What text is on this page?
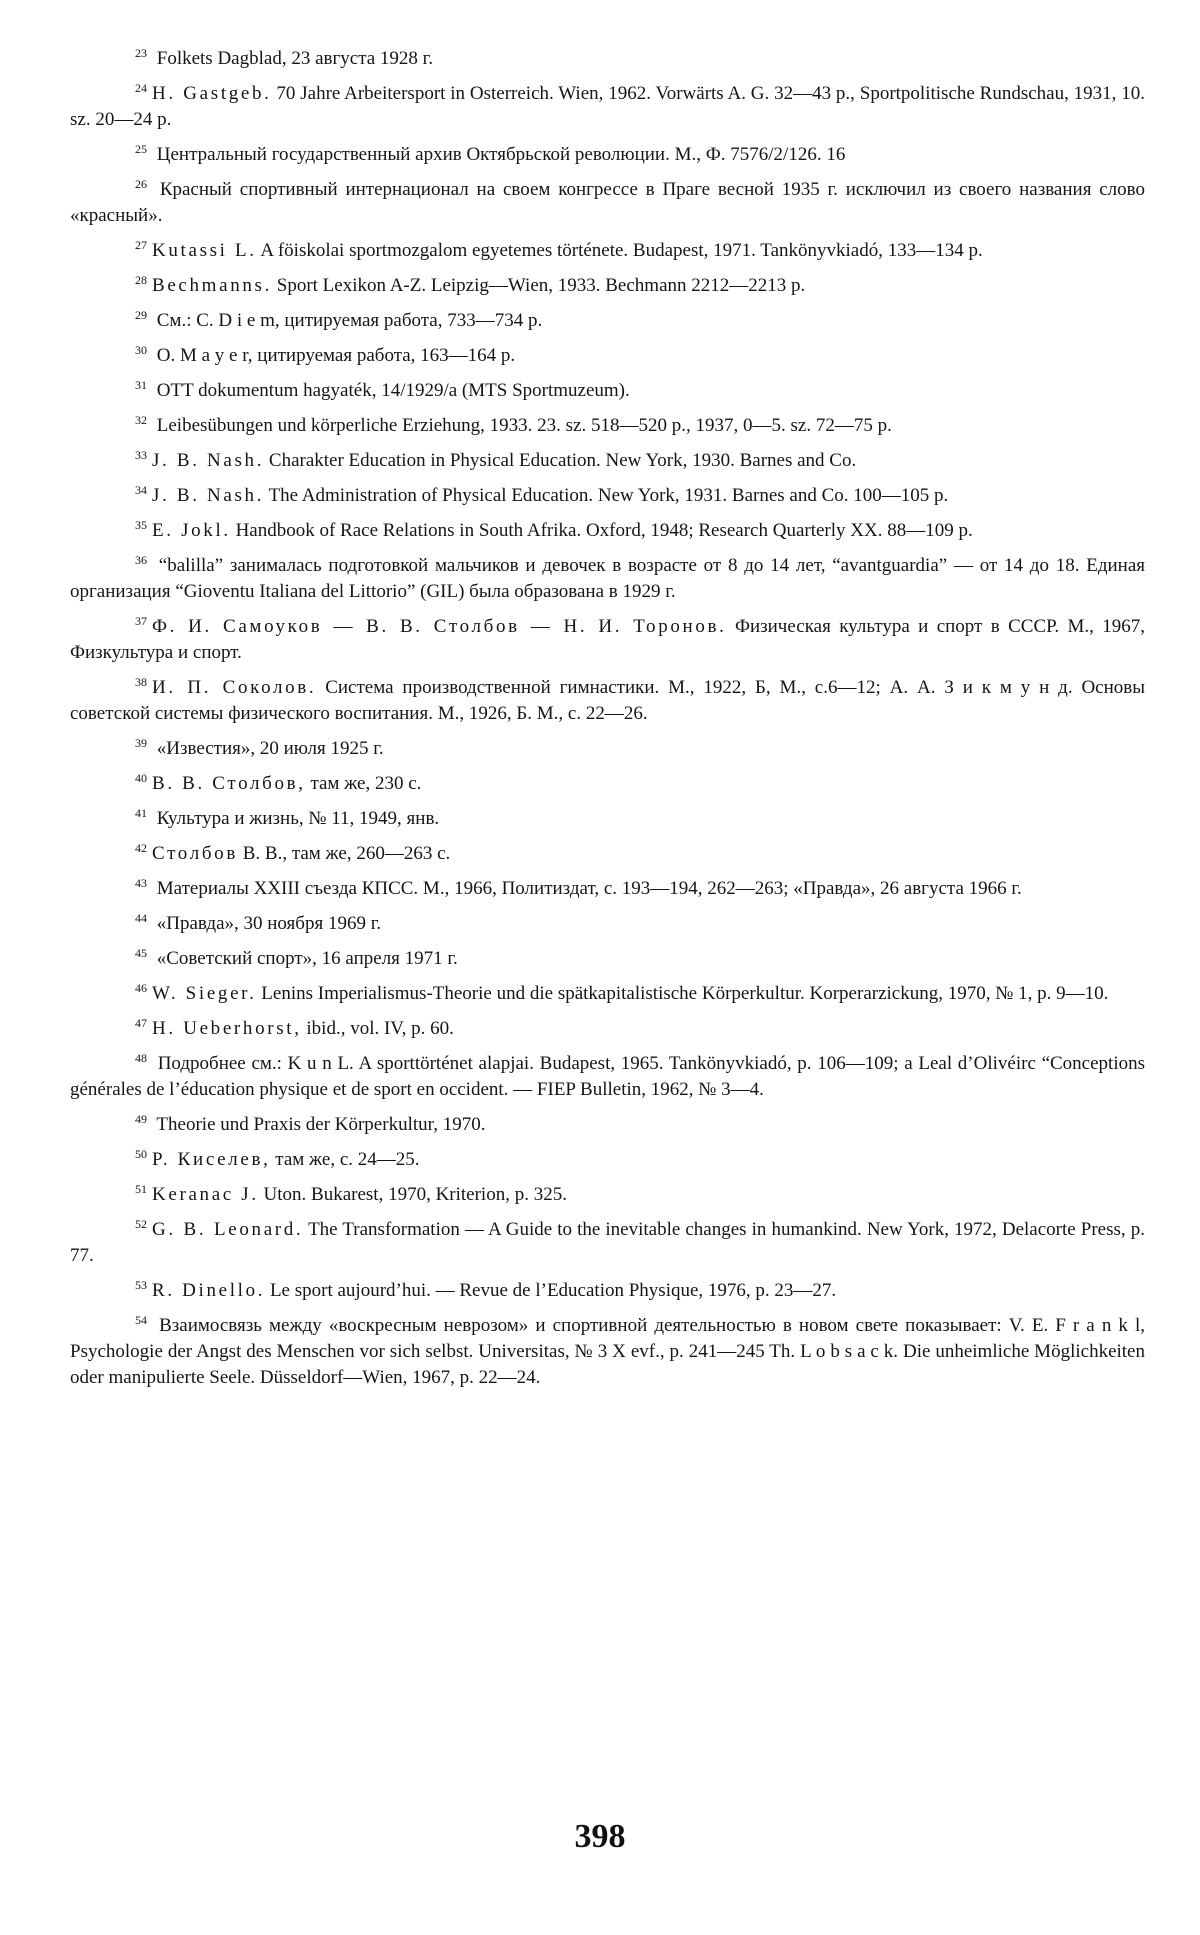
$^{23}$ Folkets Dagblad, 23 августа 1928 г.

$^{24}$ H. Gastgeb. 70 Jahre Arbeitersport in Osterreich. Wien, 1962. Vorwärts A. G. 32—43 p., Sportpolitische Rundschau, 1931, 10. sz. 20—24 p.

$^{25}$ Центральный государственный архив Октябрьской революции. М., Ф. 7576/2/126. 16

$^{26}$ Красный спортивный интернационал на своем конгрессе в Праге весной 1935 г. исключил из своего названия слово «красный».

$^{27}$ Kutassi L. A föiskolai sportmozgalom egyetemes története. Budapest, 1971. Tankönyvkiadó, 133—134 p.

$^{28}$ Bechmanns. Sport Lexikon A-Z. Leipzig—Wien, 1933. Bechmann 2212—2213 p.

$^{29}$ См.: C. D i e m, цитируемая работа, 733—734 p.

$^{30}$ O. M a y e r, цитируемая работа, 163—164 p.

$^{31}$ OTT dokumentum hagyaték, 14/1929/a (MTS Sportmuzeum).

$^{32}$ Leibesübungen und körperliche Erziehung, 1933. 23. sz. 518—520 p., 1937, 0—5. sz. 72—75 p.

$^{33}$ J. B. Nash. Charakter Education in Physical Education. New York, 1930. Barnes and Co.

$^{34}$ J. B. Nash. The Administration of Physical Education. New York, 1931. Barnes and Co. 100—105 p.

$^{35}$ E. Jokl. Handbook of Race Relations in South Afrika. Oxford, 1948; Research Quarterly XX. 88—109 p.

$^{36}$ “balilla” занималась подготовкой мальчиков и девочек в возрасте от 8 до 14 лет, “avantguardia” — от 14 до 18. Единая организация “Gioventu Italiana del Littorio” (GIL) была образована в 1929 г.

$^{37}$ Ф. И. Самоуков — В. В. Столбов — Н. И. Торонов. Физическая культура и спорт в СССР. М., 1967, Физкультура и спорт.

$^{38}$ И. П. Соколов. Система производственной гимнастики. М., 1922, Б, М., с.6—12; А. А. З и к м у н д. Основы советской системы физического воспитания. М., 1926, Б. М., с. 22—26.

$^{39}$ «Известия», 20 июля 1925 г.

$^{40}$ В. В. Столбов, там же, 230 с.

$^{41}$ Культура и жизнь, № 11, 1949, янв.

$^{42}$ Столбов В. В., там же, 260—263 с.

$^{43}$ Материалы XXIII съезда КПСС. М., 1966, Политиздат, с. 193—194, 262—263; «Правда», 26 августа 1966 г.

$^{44}$ «Правда», 30 ноября 1969 г.

$^{45}$ «Советский спорт», 16 апреля 1971 г.

$^{46}$ W. Sieger. Lenins Imperialismus-Theorie und die spätkapitalistische Körperkultur. Korperarzickung, 1970, № 1, p. 9—10.

$^{47}$ H. Ueberhorst, ibid., vol. IV, p. 60.

$^{48}$ Подробнее см.: K u n L. A sporttörténet alapjai. Budapest, 1965. Tankönyvkiadó, p. 106—109; a Leal d’Olivéirc “Conceptions générales de l’éducation physique et de sport en occident. — FIEP Bulletin, 1962, № 3—4.

$^{49}$ Theorie und Praxis der Körperkultur, 1970.

$^{50}$ Р. Киселев, там же, с. 24—25.

$^{51}$ Keranac J. Uton. Bukarest, 1970, Kriterion, p. 325.

$^{52}$ G. B. Leonard. The Transformation — A Guide to the inevitable changes in humankind. New York, 1972, Delacorte Press, p. 77.

$^{53}$ R. Dinello. Le sport aujourd’hui. — Revue de l’Education Physique, 1976, p. 23—27.

$^{54}$ Взаимосвязь между «воскресным неврозом» и спортивной деятельностью в новом свете показывает: V. E. F r a n k l, Psychologie der Angst des Menschen vor sich selbst. Universitas, № 3 X evf., p. 241—245 Th. L o b s a c k. Die unheimliche Möglichkeiten oder manipulierte Seele. Düsseldorf—Wien, 1967, p. 22—24.

398
